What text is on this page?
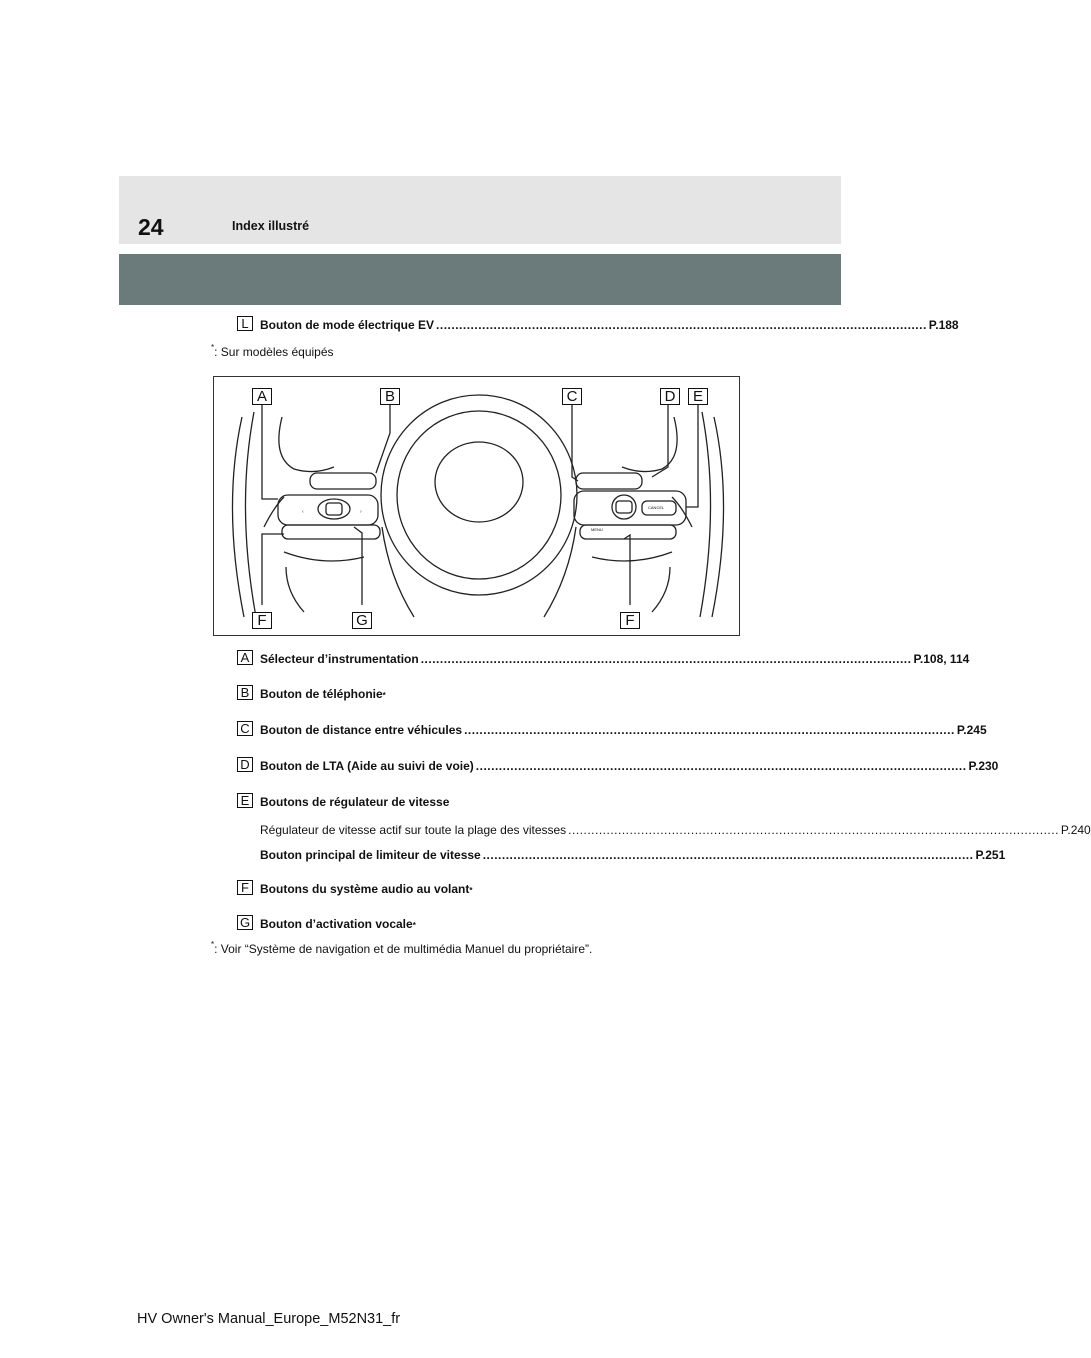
24	Index illustré
L Bouton de mode électrique EV ................................................................................................................................ P.188
*: Sur modèles équipés
‹	›
A	B	C	D	E
F	G	F
MENU
CANCEL
A Sélecteur d’instrumentation ................................................................................................................................ P.108, 114
B Bouton de téléphonie *
C Bouton de distance entre véhicules ................................................................................................................................ P.245
D Bouton de LTA (Aide au suivi de voie) ................................................................................................................................ P.230
E Boutons de régulateur de vitesse
Régulateur de vitesse actif sur toute la plage des vitesses ................................................................................................................................ P.240
Bouton principal de limiteur de vitesse ................................................................................................................................ P.251
F Boutons du système audio au volant *
G Bouton d’activation vocale *
*: Voir “Système de navigation et de multimédia Manuel du propriétaire”.
HV Owner's Manual_Europe_M52N31_fr
